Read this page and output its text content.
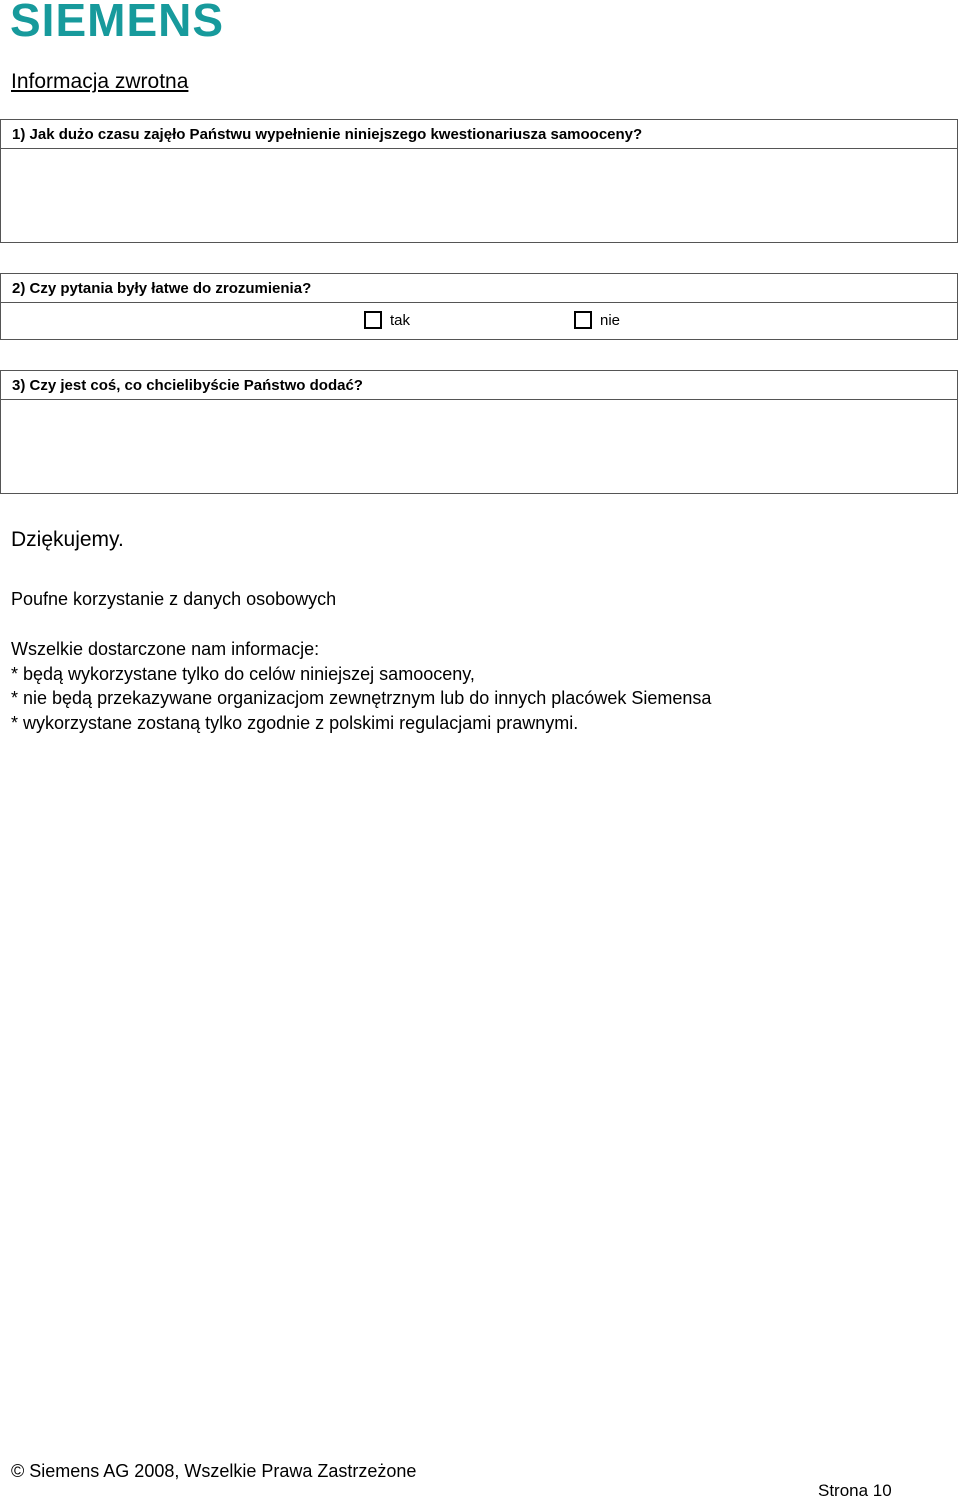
SIEMENS
Informacja zwrotna
1) Jak dużo czasu zajęło Państwu wypełnienie niniejszego kwestionariusza samooceny?
2) Czy pytania były łatwe do zrozumienia?
tak	nie
3) Czy jest coś, co chcielibyście Państwo dodać?
Dziękujemy.
Poufne korzystanie z danych osobowych
Wszelkie dostarczone nam informacje:
* będą wykorzystane tylko do celów niniejszej samooceny,
* nie będą przekazywane organizacjom zewnętrznym lub do innych placówek Siemensa
* wykorzystane zostaną tylko zgodnie z polskimi regulacjami prawnymi.
© Siemens AG 2008, Wszelkie Prawa Zastrzeżone
Strona 10
